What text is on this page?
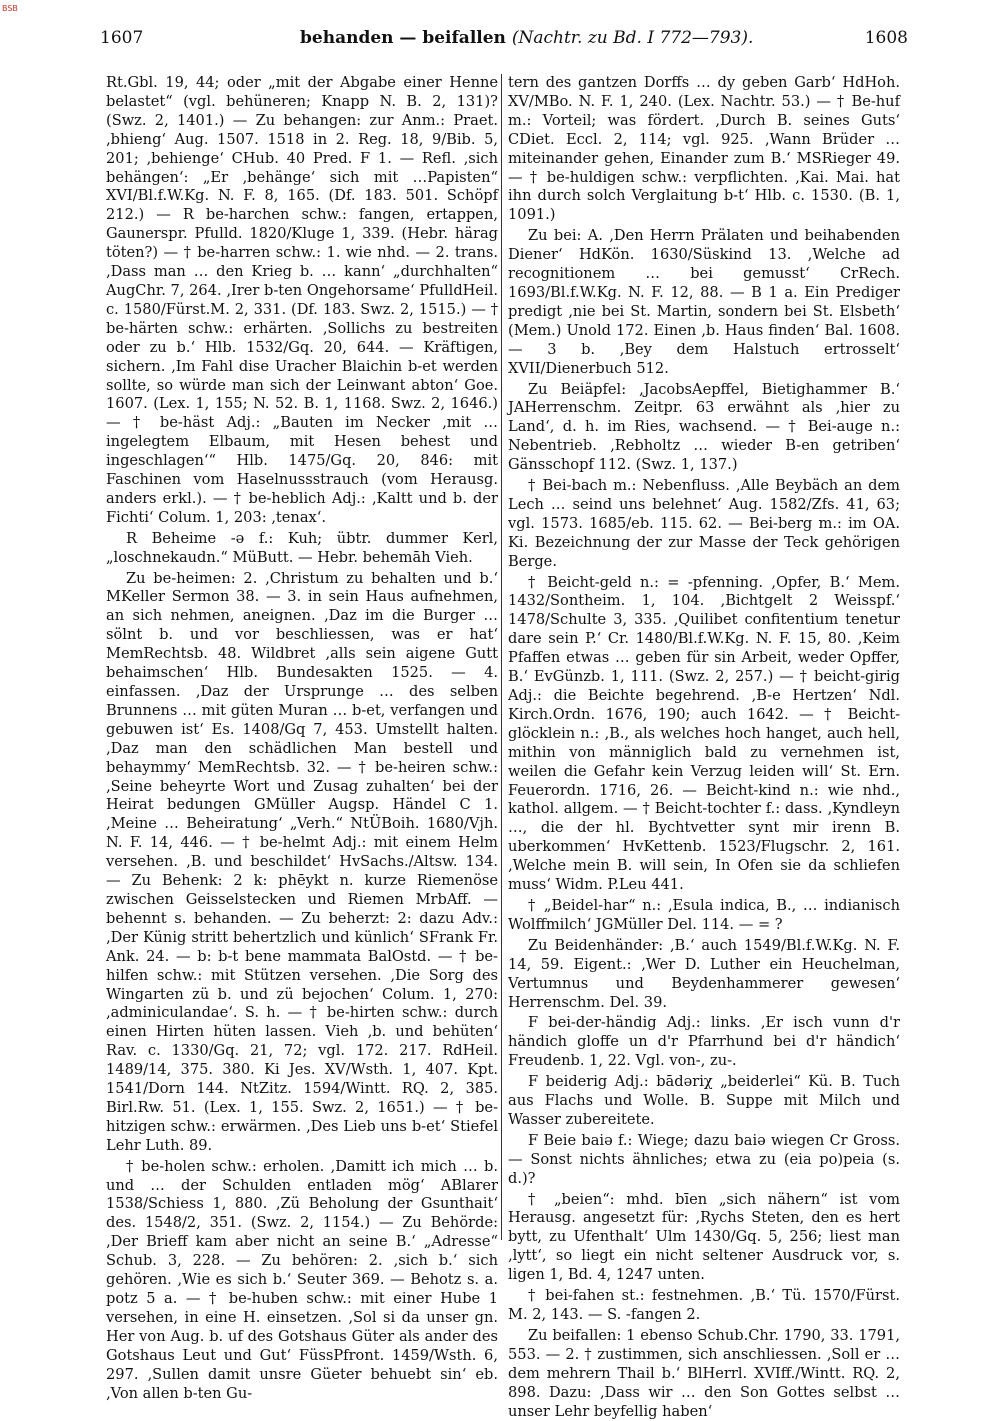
BSB
1607	behanden — beifallen (Nachtr. zu Bd. I 772—793).	1608

Rt.Gbl. 19, 44; oder „mit der Abgabe einer Henne belastet“ (vgl. behüneren; Knapp N. B. 2, 131)? (Swz. 2, 1401.) — Zu behangen: zur Anm.: Praet. ‚bhieng‘ Aug. 1507. 1518 in 2. Reg. 18, 9/Bib. 5, 201; ‚behienge‘ CHub. 40 Pred. F 1. — Refl. ‚sich behängen‘: „Er ‚behänge‘ sich mit …Papisten“ XVI/Bl.f.W.Kg. N. F. 8, 165. (Df. 183. 501. Schöpf 212.) — R be-harchen schw.: fangen, ertappen, Gaunerspr. Pfulld. 1820/Kluge 1, 339. (Hebr. härag töten?) — † be-harren schw.: 1. wie nhd. — 2. trans. ‚Dass man … den Krieg b. … kann‘ „durchhalten“ AugChr. 7, 264. ‚Irer b-ten Ongehorsame‘ PfulldHeil. c. 1580/Fürst.M. 2, 331. (Df. 183. Swz. 2, 1515.) — † be-härten schw.: erhärten. ‚Sollichs zu bestreiten oder zu b.‘ Hlb. 1532/Gq. 20, 644. — Kräftigen, sichern. ‚Im Fahl dise Uracher Blaichin b-et werden sollte, so würde man sich der Leinwant abton‘ Goe. 1607. (Lex. 1, 155; N. 52. B. 1, 1168. Swz. 2, 1646.) — † be-häst Adj.: „Bauten im Necker ‚mit … ingelegtem Elbaum, mit Hesen behest und ingeschlagen‘“ Hlb. 1475/Gq. 20, 846: mit Faschinen vom Haselnussstrauch (vom Herausg. anders erkl.). — † be-heblich Adj.: ‚Kaltt und b. der Fichti‘ Colum. 1, 203: ‚tenax‘.

R Beheime -ə f.: Kuh; übtr. dummer Kerl, „loschnekaudn.“ MüButt. — Hebr. behemāh Vieh.

Zu be-heimen: 2. ‚Christum zu behalten und b.‘ MKeller Sermon 38. — 3. in sein Haus aufnehmen, an sich nehmen, aneignen. ‚Daz im die Burger … sölnt b. und vor beschliessen, was er hat‘ MemRechtsb. 48. Wildbret ‚alls sein aigene Gutt behaimschen‘ Hlb. Bundesakten 1525. — 4. einfassen. ‚Daz der Ursprunge … des selben Brunnens … mit güten Muran … b-et, verfangen und gebuwen ist‘ Es. 1408/Gq 7, 453. Umstellt halten. ‚Daz man den schädlichen Man bestell und behaymmy‘ MemRechtsb. 32. — † be-heiren schw.: ‚Seine beheyrte Wort und Zusag zuhalten‘ bei der Heirat bedungen GMüller Augsp. Händel C 1. ‚Meine … Beheiratung‘ „Verh.“ NtÜBoih. 1680/Vjh. N. F. 14, 446. — † be-helmt Adj.: mit einem Helm versehen. ‚B. und beschildet‘ HvSachs./Altsw. 134. — Zu Behenk: 2 k: phēykt n. kurze Riemenöse zwischen Geisselstecken und Riemen MrbAff. — behennt s. behanden. — Zu beherzt: 2: dazu Adv.: ‚Der Künig stritt behertzlich und künlich‘ SFrank Fr. Ank. 24. — b: b-t bene mammata BalOstd. — † be-hilfen schw.: mit Stützen versehen. ‚Die Sorg des Wingarten zü b. und zü bejochen‘ Colum. 1, 270: ‚adminiculandae‘. S. h. — † be-hirten schw.: durch einen Hirten hüten lassen. Vieh ‚b. und behüten‘ Rav. c. 1330/Gq. 21, 72; vgl. 172. 217. RdHeil. 1489/14, 375. 380. Ki Jes. XV/Wsth. 1, 407. Kpt. 1541/Dorn 144. NtZitz. 1594/Wintt. RQ. 2, 385. Birl.Rw. 51. (Lex. 1, 155. Swz. 2, 1651.) — † be-hitzigen schw.: erwärmen. ‚Des Lieb uns b-et‘ Stiefel Lehr Luth. 89.

† be-holen schw.: erholen. ‚Damitt ich mich … b. und … der Schulden entladen mög‘ ABlarer 1538/Schiess 1, 880. ‚Zü Beholung der Gsunthait‘ des. 1548/2, 351. (Swz. 2, 1154.) — Zu Behörde: ‚Der Brieff kam aber nicht an seine B.‘ „Adresse“ Schub. 3, 228. — Zu behören: 2. ‚sich b.‘ sich gehören. ‚Wie es sich b.‘ Seuter 369. — Behotz s. a. potz 5 a. — † be-huben schw.: mit einer Hube 1 versehen, in eine H. einsetzen. ‚Sol si da unser gn. Her von Aug. b. uf des Gotshaus Güter als ander des Gotshaus Leut und Gut‘ FüssPfront. 1459/Wsth. 6, 297. ‚Sullen damit unsre Güeter behuebt sin‘ eb. ‚Von allen b-ten Gu-

tern des gantzen Dorffs … dy geben Garb‘ HdHoh. XV/MBo. N. F. 1, 240. (Lex. Nachtr. 53.) — † Be-huf m.: Vorteil; was fördert. ‚Durch B. seines Guts‘ CDiet. Eccl. 2, 114; vgl. 925. ‚Wann Brüder … miteinander gehen, Einander zum B.‘ MSRieger 49. — † be-huldigen schw.: verpflichten. ‚Kai. Mai. hat ihn durch solch Verglaitung b-t‘ Hlb. c. 1530. (B. 1, 1091.)

Zu bei: A. ‚Den Herrn Prälaten und beihabenden Diener‘ HdKön. 1630/Süskind 13. ‚Welche ad recognitionem … bei gemusst‘ CrRech. 1693/Bl.f.W.Kg. N. F. 12, 88. — B 1 a. Ein Prediger predigt ‚nie bei St. Martin, sondern bei St. Elsbeth‘ (Mem.) Unold 172. Einen ‚b. Haus finden‘ Bal. 1608. — 3 b. ‚Bey dem Halstuch ertrosselt‘ XVII/Dienerbuch 512.

Zu Beiäpfel: ‚JacobsAepffel, Bietighammer B.‘ JAHerrenschm. Zeitpr. 63 erwähnt als ‚hier zu Land‘, d. h. im Ries, wachsend. — † Bei-auge n.: Nebentrieb. ‚Rebholtz … wieder B-en getriben‘ Gänsschopf 112. (Swz. 1, 137.)

† Bei-bach m.: Nebenfluss. ‚Alle Beybäch an dem Lech … seind uns belehnet‘ Aug. 1582/Zfs. 41, 63; vgl. 1573. 1685/eb. 115. 62. — Bei-berg m.: im OA. Ki. Bezeichnung der zur Masse der Teck gehörigen Berge.

† Beicht-geld n.: = -pfenning. ‚Opfer, B.‘ Mem. 1432/Sontheim. 1, 104. ‚Bichtgelt 2 Weisspf.‘ 1478/Schulte 3, 335. ‚Quilibet confitentium tenetur dare sein P.‘ Cr. 1480/Bl.f.W.Kg. N. F. 15, 80. ‚Keim Pfaffen etwas … geben für sin Arbeit, weder Opffer, B.‘ EvGünzb. 1, 111. (Swz. 2, 257.) — † beicht-girig Adj.: die Beichte begehrend. ‚B-e Hertzen‘ Ndl. Kirch.Ordn. 1676, 190; auch 1642. — † Beicht-glöcklein n.: ‚B., als welches hoch hanget, auch hell, mithin von männiglich bald zu vernehmen ist, weilen die Gefahr kein Verzug leiden will‘ St. Ern. Feuerordn. 1716, 26. — Beicht-kind n.: wie nhd., kathol. allgem. — † Beicht-tochter f.: dass. ‚Kyndleyn …, die der hl. Bychtvetter synt mir irenn B. uberkommen‘ HvKettenb. 1523/Flugschr. 2, 161. ‚Welche mein B. will sein, In Ofen sie da schliefen muss‘ Widm. P.Leu 441.

† „Beidel-har“ n.: ‚Esula indica, B., … indianisch Wolffmilch‘ JGMüller Del. 114. — = ?

Zu Beidenhänder: ‚B.‘ auch 1549/Bl.f.W.Kg. N. F. 14, 59. Eigent.: ‚Wer D. Luther ein Heuchelman, Vertumnus und Beydenhammerer gewesen‘ Herrenschm. Del. 39.

F bei-der-händig Adj.: links. ‚Er isch vunn d'r händich gloffe un d'r Pfarrhund bei d'r händich‘ Freudenb. 1, 22. Vgl. von-, zu-.

F beiderig Adj.: bādəriχ „beiderlei“ Kü. B. Tuch aus Flachs und Wolle. B. Suppe mit Milch und Wasser zubereitete.

F Beie baiə f.: Wiege; dazu baiə wiegen Cr Gross. — Sonst nichts ähnliches; etwa zu (eia po)peia (s. d.)?

† „beien“: mhd. bīen „sich nähern“ ist vom Herausg. angesetzt für: ‚Rychs Steten, den es hert bytt, zu Ufenthalt‘ Ulm 1430/Gq. 5, 256; liest man ‚lytt‘, so liegt ein nicht seltener Ausdruck vor, s. ligen 1, Bd. 4, 1247 unten.

† bei-fahen st.: festnehmen. ‚B.‘ Tü. 1570/Fürst. M. 2, 143. — S. -fangen 2.

Zu beifallen: 1 ebenso Schub.Chr. 1790, 33. 1791, 553. — 2. † zustimmen, sich anschliessen. ‚Soll er … dem mehrern Thail b.‘ BlHerrl. XVIff./Wintt. RQ. 2, 898. Dazu: ‚Dass wir … den Son Gottes selbst … unser Lehr beyfellig haben‘
